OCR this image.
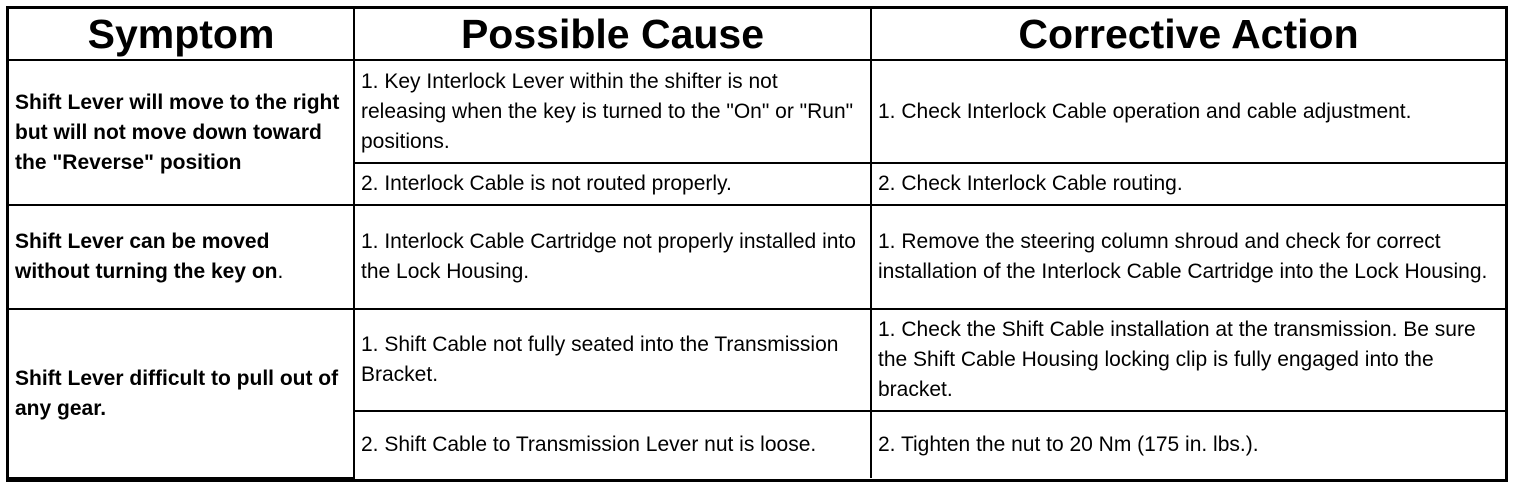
Symptom	Possible Cause	Corrective Action
Shift Lever will move to the right but will not move down toward the "Reverse" position	1. Key Interlock Lever within the shifter is not releasing when the key is turned to the "On" or "Run" positions.	1. Check Interlock Cable operation and cable adjustment.
	2. Interlock Cable is not routed properly.	2. Check Interlock Cable routing.
Shift Lever can be moved without turning the key on.	1. Interlock Cable Cartridge not properly installed into the Lock Housing.	1. Remove the steering column shroud and check for correct installation of the Interlock Cable Cartridge into the Lock Housing.
Shift Lever difficult to pull out of any gear.	1. Shift Cable not fully seated into the Transmission Bracket.	1. Check the Shift Cable installation at the transmission. Be sure the Shift Cable Housing locking clip is fully engaged into the bracket.
	2. Shift Cable to Transmission Lever nut is loose.	2. Tighten the nut to 20 Nm (175 in. lbs.).
